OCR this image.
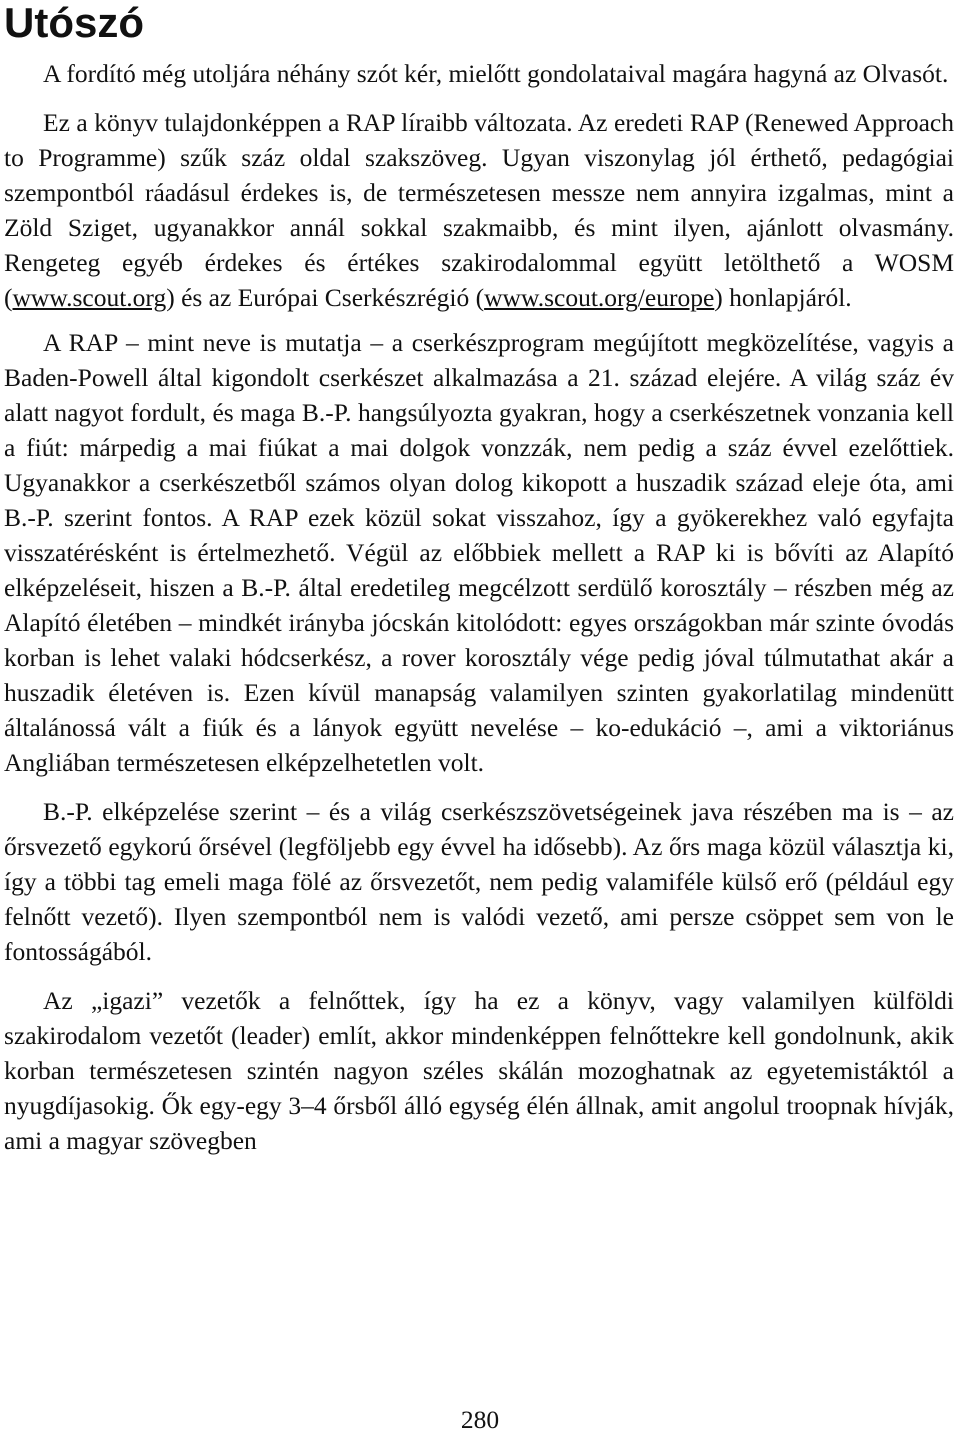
Utószó

A fordító még utoljára néhány szót kér, mielőtt gondolataival magára hagyná az Olvasót.

Ez a könyv tulajdonképpen a RAP líraibb változata. Az eredeti RAP (Renewed Approach to Programme) szűk száz oldal szakszöveg. Ugyan viszonylag jól érthető, pedagógiai szempontból ráadásul érdekes is, de természetesen messze nem annyira izgalmas, mint a Zöld Sziget, ugyanakkor annál sokkal szakmaibb, és mint ilyen, ajánlott olvasmány. Rengeteg egyéb érdekes és értékes szakirodalommal együtt letölthető a WOSM (www.scout.org) és az Európai Cserkészrégió (www.scout.org/europe) honlapjáról.

A RAP – mint neve is mutatja – a cserkészprogram megújított megközelítése, vagyis a Baden-Powell által kigondolt cserkészet alkalmazása a 21. század elejére. A világ száz év alatt nagyot fordult, és maga B.-P. hangsúlyozta gyakran, hogy a cserkészetnek vonzania kell a fiút: márpedig a mai fiúkat a mai dolgok vonzzák, nem pedig a száz évvel ezelőttiek. Ugyanakkor a cserkészetből számos olyan dolog kikopott a huszadik század eleje óta, ami B.-P. szerint fontos. A RAP ezek közül sokat visszahoz, így a gyökerekhez való egyfajta visszatérésként is értelmezhető. Végül az előbbiek mellett a RAP ki is bővíti az Alapító elképzeléseit, hiszen a B.-P. által eredetileg megcélzott serdülő korosztály – részben még az Alapító életében – mindkét irányba jócskán kitolódott: egyes országokban már szinte óvodás korban is lehet valaki hódcserkész, a rover korosztály vége pedig jóval túlmutathat akár a huszadik életéven is. Ezen kívül manapság valamilyen szinten gyakorlatilag mindenütt általánossá vált a fiúk és a lányok együtt nevelése – ko-edukáció –, ami a viktoriánus Angliában természetesen elképzelhetetlen volt.

B.-P. elképzelése szerint – és a világ cserkészszövetségeinek java részében ma is – az őrsvezető egykorú őrsével (legföljebb egy évvel ha idősebb). Az őrs maga közül választja ki, így a többi tag emeli maga fölé az őrsvezetőt, nem pedig valamiféle külső erő (például egy felnőtt vezető). Ilyen szempontból nem is valódi vezető, ami persze csöppet sem von le fontosságából.

Az „igazi” vezetők a felnőttek, így ha ez a könyv, vagy valamilyen külföldi szakirodalom vezetőt (leader) említ, akkor mindenképpen felnőttekre kell gondolnunk, akik korban természetesen szintén nagyon széles skálán mozoghatnak az egyetemistáktól a nyugdíjasokig. Ők egy-egy 3–4 őrsből álló egység élén állnak, amit angolul troopnak hívják, ami a magyar szövegben

280
